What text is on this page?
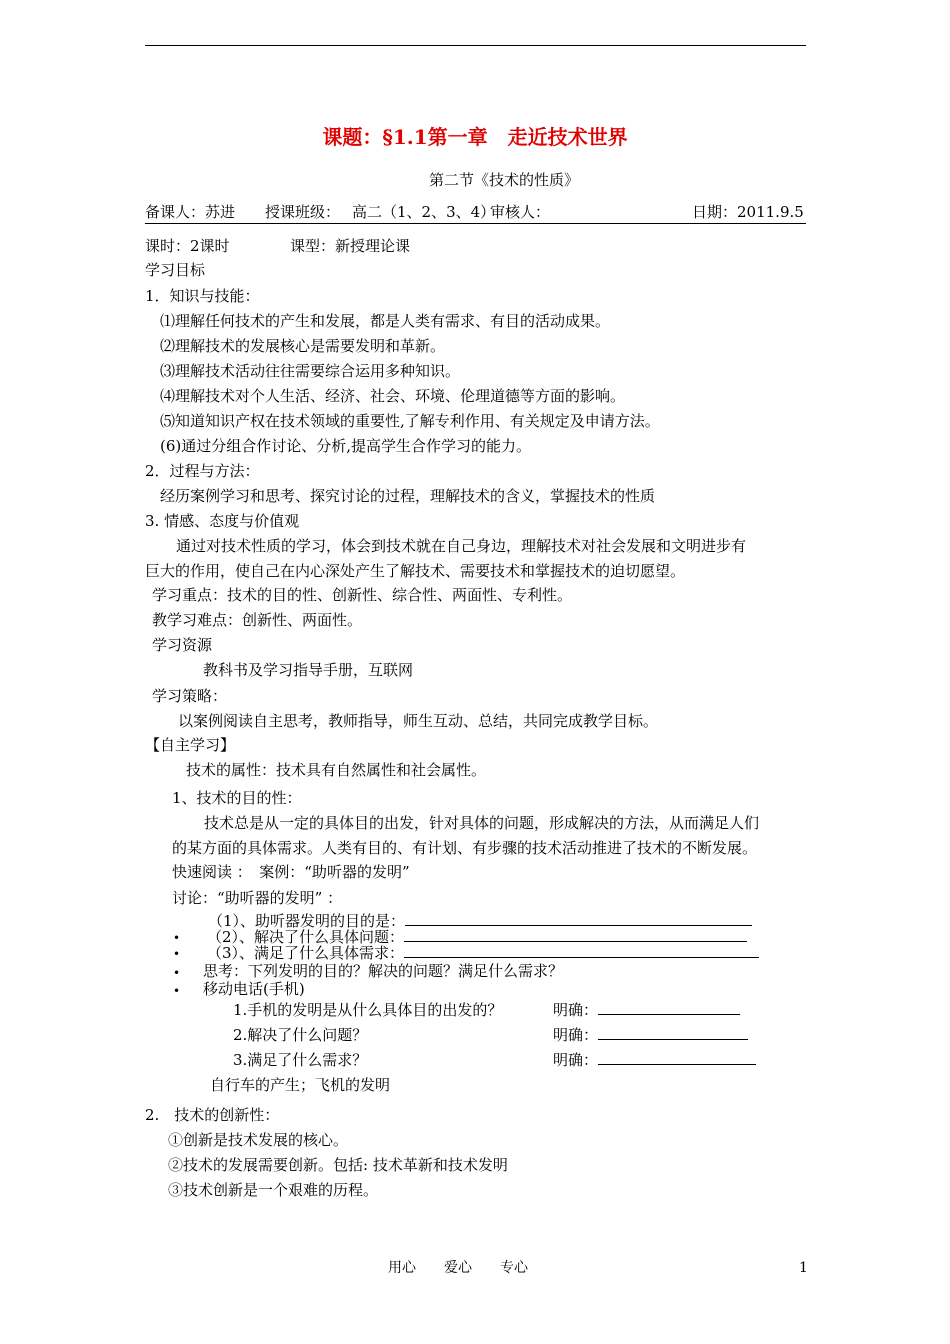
课题：§1.1第一章　走近技术世界
第二节《技术的性质》
备课人：苏进 授课班级： 高二（1、2、3、4）
审核人：	日期：2011.9.5
课时：2课时	课型：新授理论课
学习目标
1．知识与技能：
⑴理解任何技术的产生和发展，都是人类有需求、有目的活动成果。
⑵理解技术的发展核心是需要发明和革新。
⑶理解技术活动往往需要综合运用多种知识。
⑷理解技术对个人生活、经济、社会、环境、伦理道德等方面的影响。
⑸知道知识产权在技术领域的重要性,了解专利作用、有关规定及申请方法。
(6)通过分组合作讨论、分析,提高学生合作学习的能力。
2．过程与方法：
经历案例学习和思考、探究讨论的过程，理解技术的含义，掌握技术的性质
3. 情感、态度与价值观
通过对技术性质的学习，体会到技术就在自己身边，理解技术对社会发展和文明进步有
巨大的作用，使自己在内心深处产生了解技术、需要技术和掌握技术的迫切愿望。
学习重点：技术的目的性、创新性、综合性、两面性、专利性。
教学习难点：创新性、两面性。
学习资源
教科书及学习指导手册，互联网
学习策略：
以案例阅读自主思考，教师指导，师生互动、总结，共同完成教学目标。
【自主学习】
技术的属性：技术具有自然属性和社会属性。
1、技术的目的性：
技术总是从一定的具体目的出发，针对具体的问题，形成解决的方法，从而满足人们
的某方面的具体需求。人类有目的、有计划、有步骤的技术活动推进了技术的不断发展。
快速阅读 ：　案例：“助听器的发明”
讨论：“助听器的发明” ：
（1）、助听器发明的目的是：
• （2）、解决了什么具体问题：
• （3）、满足了什么具体需求：
• 思考：下列发明的目的？解决的问题？满足什么需求？
• 移动电话(手机)
1.手机的发明是从什么具体目的出发的？	明确：
2.解决了什么问题？	明确：
3.满足了什么需求？	明确：
自行车的产生；飞机的发明
2.　技术的创新性：
①创新是技术发展的核心。
②技术的发展需要创新。包括: 技术革新和技术发明
③技术创新是一个艰难的历程。
用心　　爱心　　专心	1
